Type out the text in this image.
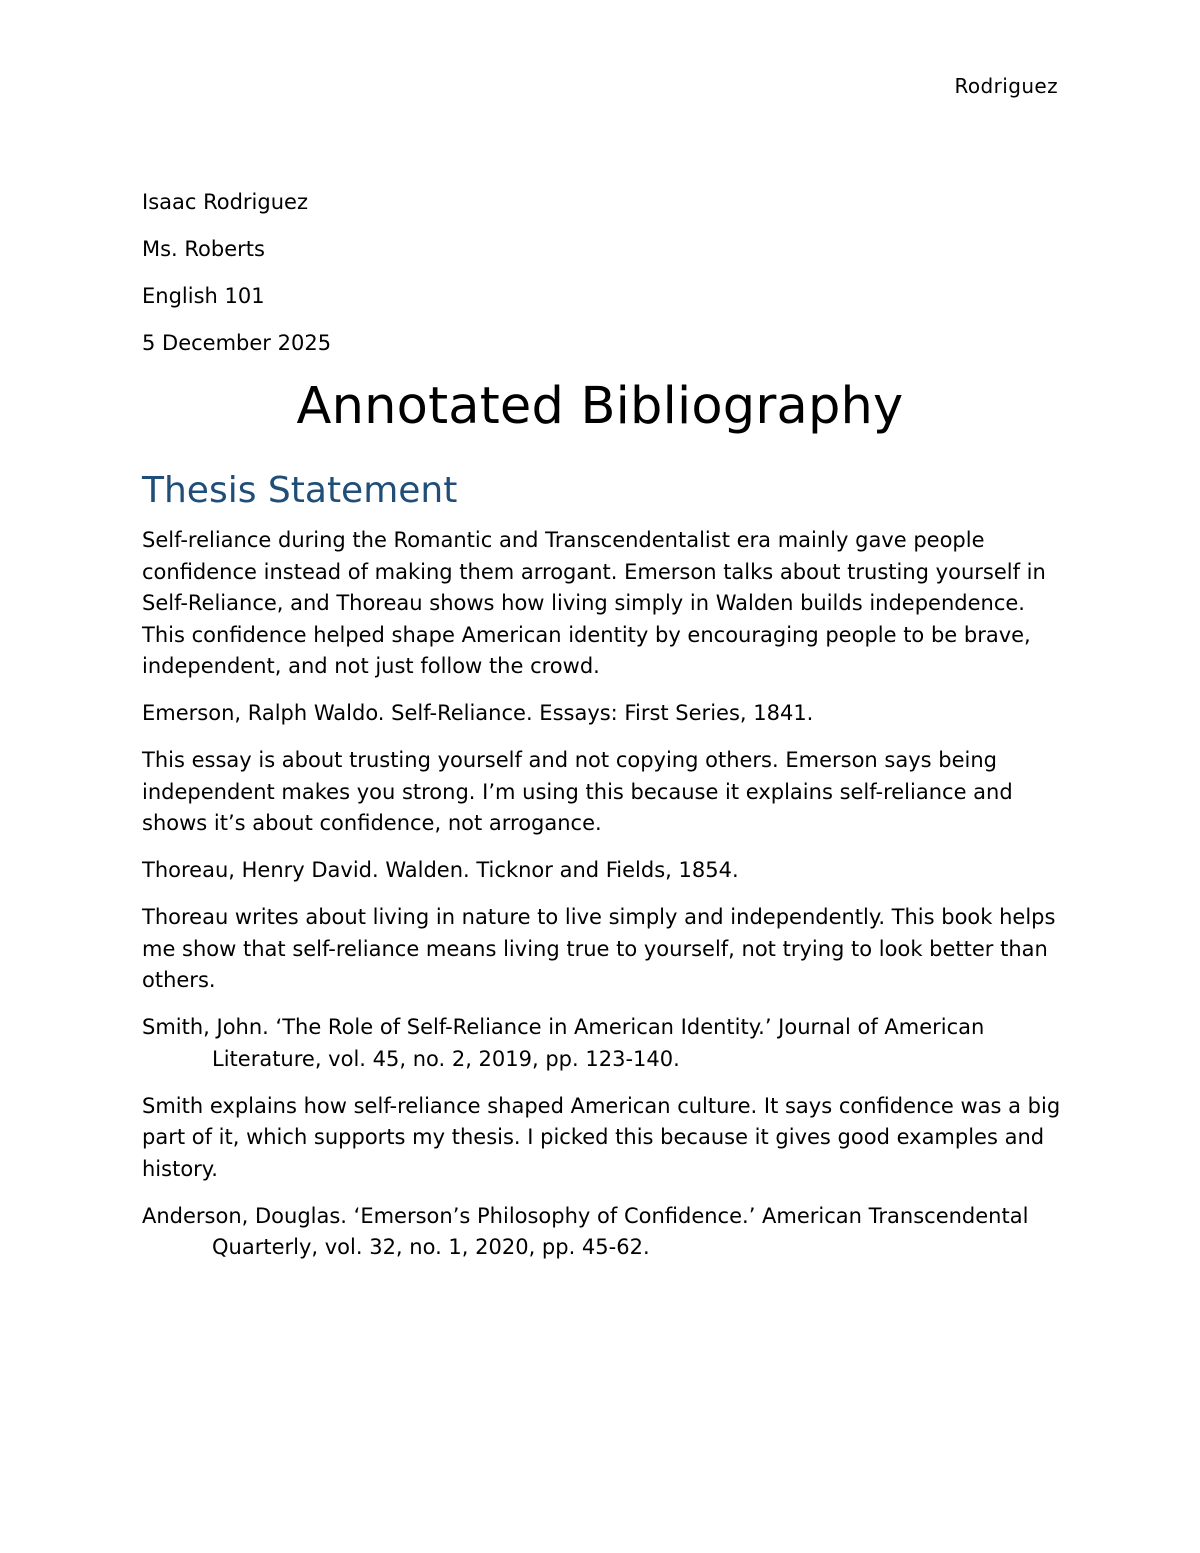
Rodriguez
Isaac Rodriguez
Ms. Roberts
English 101
5 December 2025
Annotated Bibliography
Thesis Statement

Self-reliance during the Romantic and Transcendentalist era mainly gave people confidence instead of making them arrogant. Emerson talks about trusting yourself in Self-Reliance, and Thoreau shows how living simply in Walden builds independence. This confidence helped shape American identity by encouraging people to be brave, independent, and not just follow the crowd.

Emerson, Ralph Waldo. Self-Reliance. Essays: First Series, 1841.

This essay is about trusting yourself and not copying others. Emerson says being independent makes you strong. I’m using this because it explains self-reliance and shows it’s about confidence, not arrogance.

Thoreau, Henry David. Walden. Ticknor and Fields, 1854.

Thoreau writes about living in nature to live simply and independently. This book helps me show that self-reliance means living true to yourself, not trying to look better than others.

Smith, John. ‘The Role of Self-Reliance in American Identity.’ Journal of American Literature, vol. 45, no. 2, 2019, pp. 123-140.

Smith explains how self-reliance shaped American culture. It says confidence was a big part of it, which supports my thesis. I picked this because it gives good examples and history.

Anderson, Douglas. ‘Emerson’s Philosophy of Confidence.’ American Transcendental Quarterly, vol. 32, no. 1, 2020, pp. 45-62.
